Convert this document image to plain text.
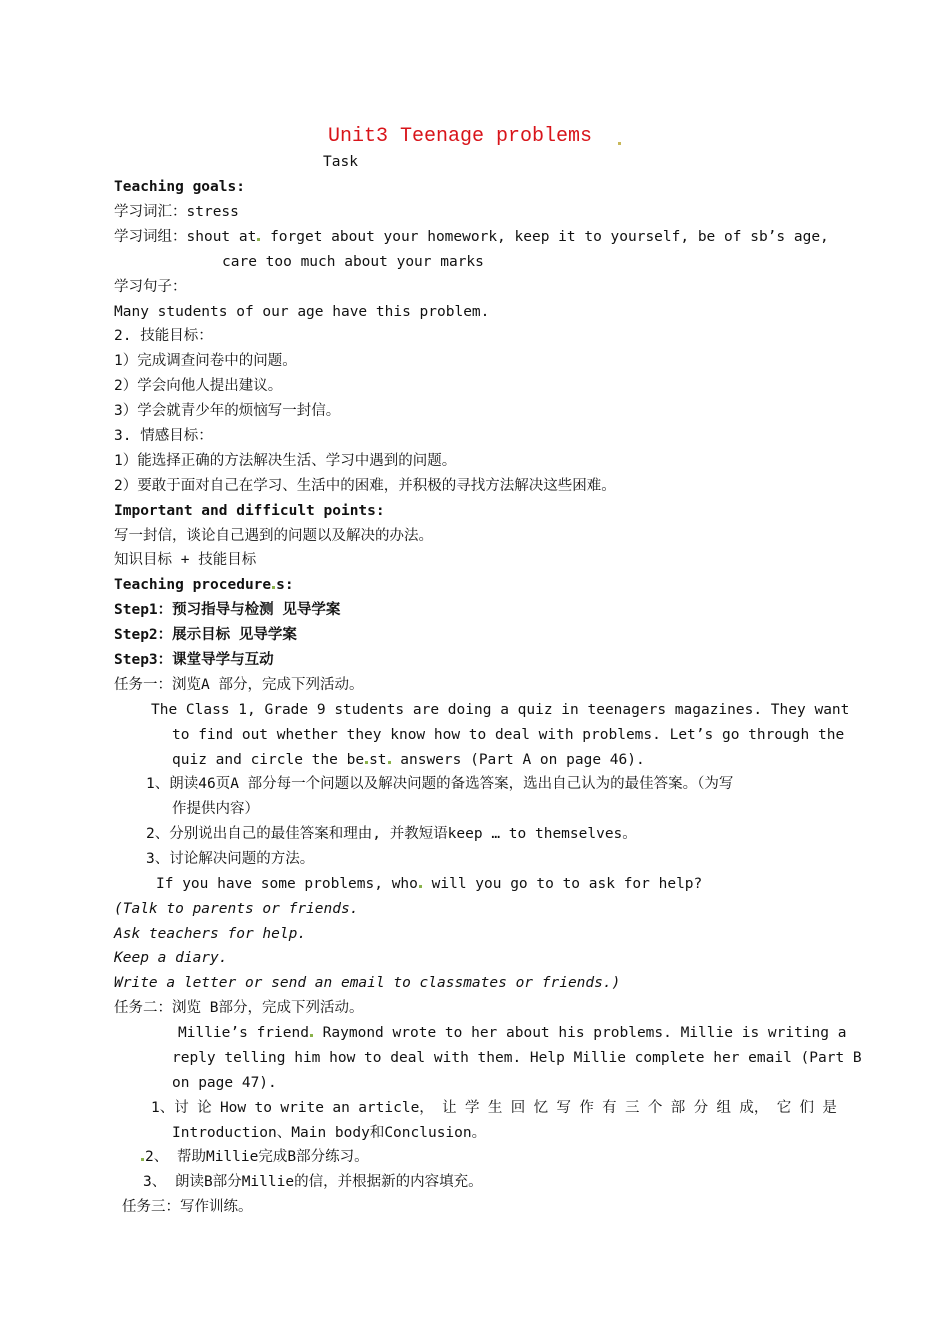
Unit3 Teenage problems
Task
Teaching goals:
学习词汇：stress
学习词组：shout at forget about your homework, keep it to yourself, be of sb’s age,
care too much about your marks
学习句子：
Many students of our age have this problem.
2. 技能目标：
1）完成调查问卷中的问题。
2）学会向他人提出建议。
3）学会就青少年的烦恼写一封信。
3. 情感目标：
1）能选择正确的方法解决生活、学习中遇到的问题。
2）要敢于面对自己在学习、生活中的困难，并积极的寻找方法解决这些困难。
Important and difficult points:
写一封信，谈论自己遇到的问题以及解决的办法。
知识目标 + 技能目标
Teaching procedure s:
Step1：预习指导与检测 见导学案
Step2：展示目标 见导学案
Step3：课堂导学与互动
任务一：浏览A 部分，完成下列活动。
The Class 1, Grade 9 students are doing a quiz in teenagers magazines. They want
to find out whether they know how to deal with problems. Let’s go through the
quiz and circle the be st answers (Part A on page 46).
1、朗读46页A 部分每一个问题以及解决问题的备选答案，选出自己认为的最佳答案。（为写
作提供内容）
2、分别说出自己的最佳答案和理由, 并教短语keep … to themselves。
3、讨论解决问题的方法。
If you have some problems, who will you go to to ask for help?
(Talk to parents or friends.
Ask teachers for help.
Keep a diary.
Write a letter or send an email to classmates or friends.)
任务二：浏览 B部分，完成下列活动。
Millie’s friend Raymond wrote to her about his problems. Millie is writing a
reply telling him how to deal with them. Help Millie complete her email (Part B
on page 47).
1、讨 论 How to write an article， 让 学 生 回 忆 写 作 有 三 个 部 分 组 成， 它 们 是
Introduction、Main body和Conclusion。
2、 帮助Millie完成B部分练习。
3、 朗读B部分Millie的信，并根据新的内容填充。
任务三：写作训练。
